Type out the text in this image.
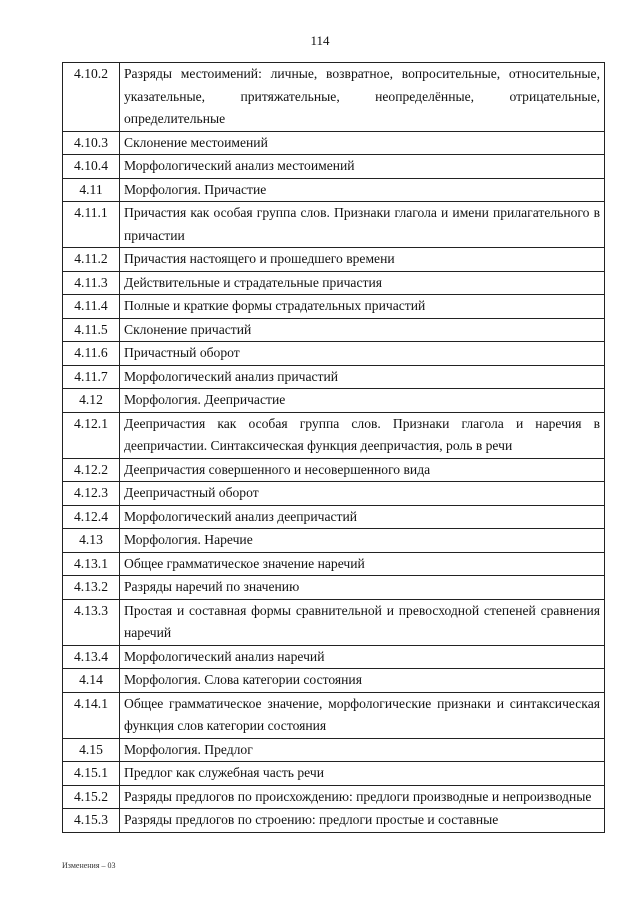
114
4.10.2	Разряды местоимений: личные, возвратное, вопросительные, относительные, указательные, притяжательные, неопределённые, отрицательные, определительные
4.10.3	Склонение местоимений
4.10.4	Морфологический анализ местоимений
4.11	Морфология. Причастие
4.11.1	Причастия как особая группа слов. Признаки глагола и имени прилагательного в причастии
4.11.2	Причастия настоящего и прошедшего времени
4.11.3	Действительные и страдательные причастия
4.11.4	Полные и краткие формы страдательных причастий
4.11.5	Склонение причастий
4.11.6	Причастный оборот
4.11.7	Морфологический анализ причастий
4.12	Морфология. Деепричастие
4.12.1	Деепричастия как особая группа слов. Признаки глагола и наречия в деепричастии. Синтаксическая функция деепричастия, роль в речи
4.12.2	Деепричастия совершенного и несовершенного вида
4.12.3	Деепричастный оборот
4.12.4	Морфологический анализ деепричастий
4.13	Морфология. Наречие
4.13.1	Общее грамматическое значение наречий
4.13.2	Разряды наречий по значению
4.13.3	Простая и составная формы сравнительной и превосходной степеней сравнения наречий
4.13.4	Морфологический анализ наречий
4.14	Морфология. Слова категории состояния
4.14.1	Общее грамматическое значение, морфологические признаки и синтаксическая функция слов категории состояния
4.15	Морфология. Предлог
4.15.1	Предлог как служебная часть речи
4.15.2	Разряды предлогов по происхождению: предлоги производные и непроизводные
4.15.3	Разряды предлогов по строению: предлоги простые и составные
Изменения – 03
